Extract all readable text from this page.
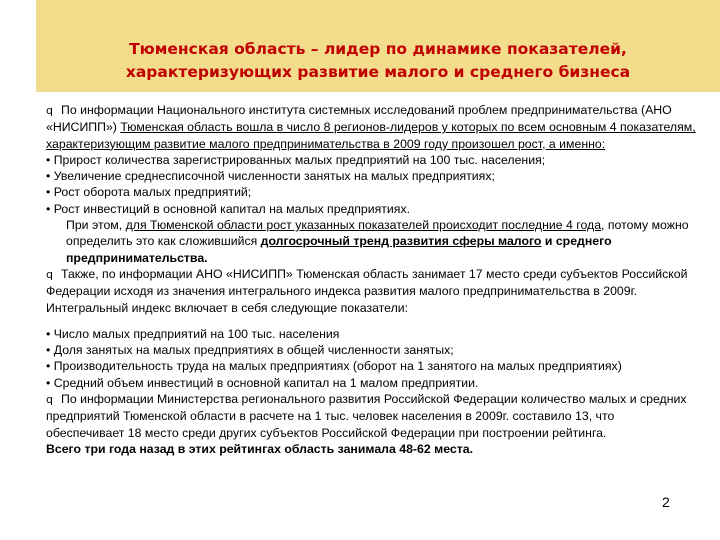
Тюменская область – лидер по динамике показателей,
характеризующих развитие малого и среднего бизнеса

q По информации Национального института системных исследований проблем предпринимательства (АНО «НИСИПП») Тюменская область вошла в число 8 регионов-лидеров у которых по всем основным 4 показателям, характеризующим развитие малого предпринимательства в 2009 году произошел рост, а именно:

• Прирост количества зарегистрированных малых предприятий на 100 тыс. населения;

• Увеличение среднесписочной численности занятых на малых предприятиях;

• Рост оборота малых предприятий;

• Рост инвестиций в основной капитал на малых предприятиях.

При этом, для Тюменской области рост указанных показателей происходит последние 4 года, потому можно определить это как сложившийся долгосрочный тренд развития сферы малого и среднего предпринимательства.

q Также, по информации АНО «НИСИПП» Тюменская область занимает 17 место среди субъектов Российской Федерации исходя из значения интегрального индекса развития малого предпринимательства в 2009г. Интегральный индекс включает в себя следующие показатели:

• Число малых предприятий на 100 тыс. населения

• Доля занятых на малых предприятиях в общей численности занятых;

• Производительность труда на малых предприятиях (оборот на 1 занятого на малых предприятиях)

• Средний объем инвестиций в основной капитал на 1 малом предприятии.

q По информации Министерства регионального развития Российской Федерации количество малых и средних предприятий Тюменской области в расчете на 1 тыс. человек населения в 2009г. составило 13, что обеспечивает 18 место среди других субъектов Российской Федерации при построении рейтинга.

Всего три года назад в этих рейтингах область занимала 48-62 места.

2
